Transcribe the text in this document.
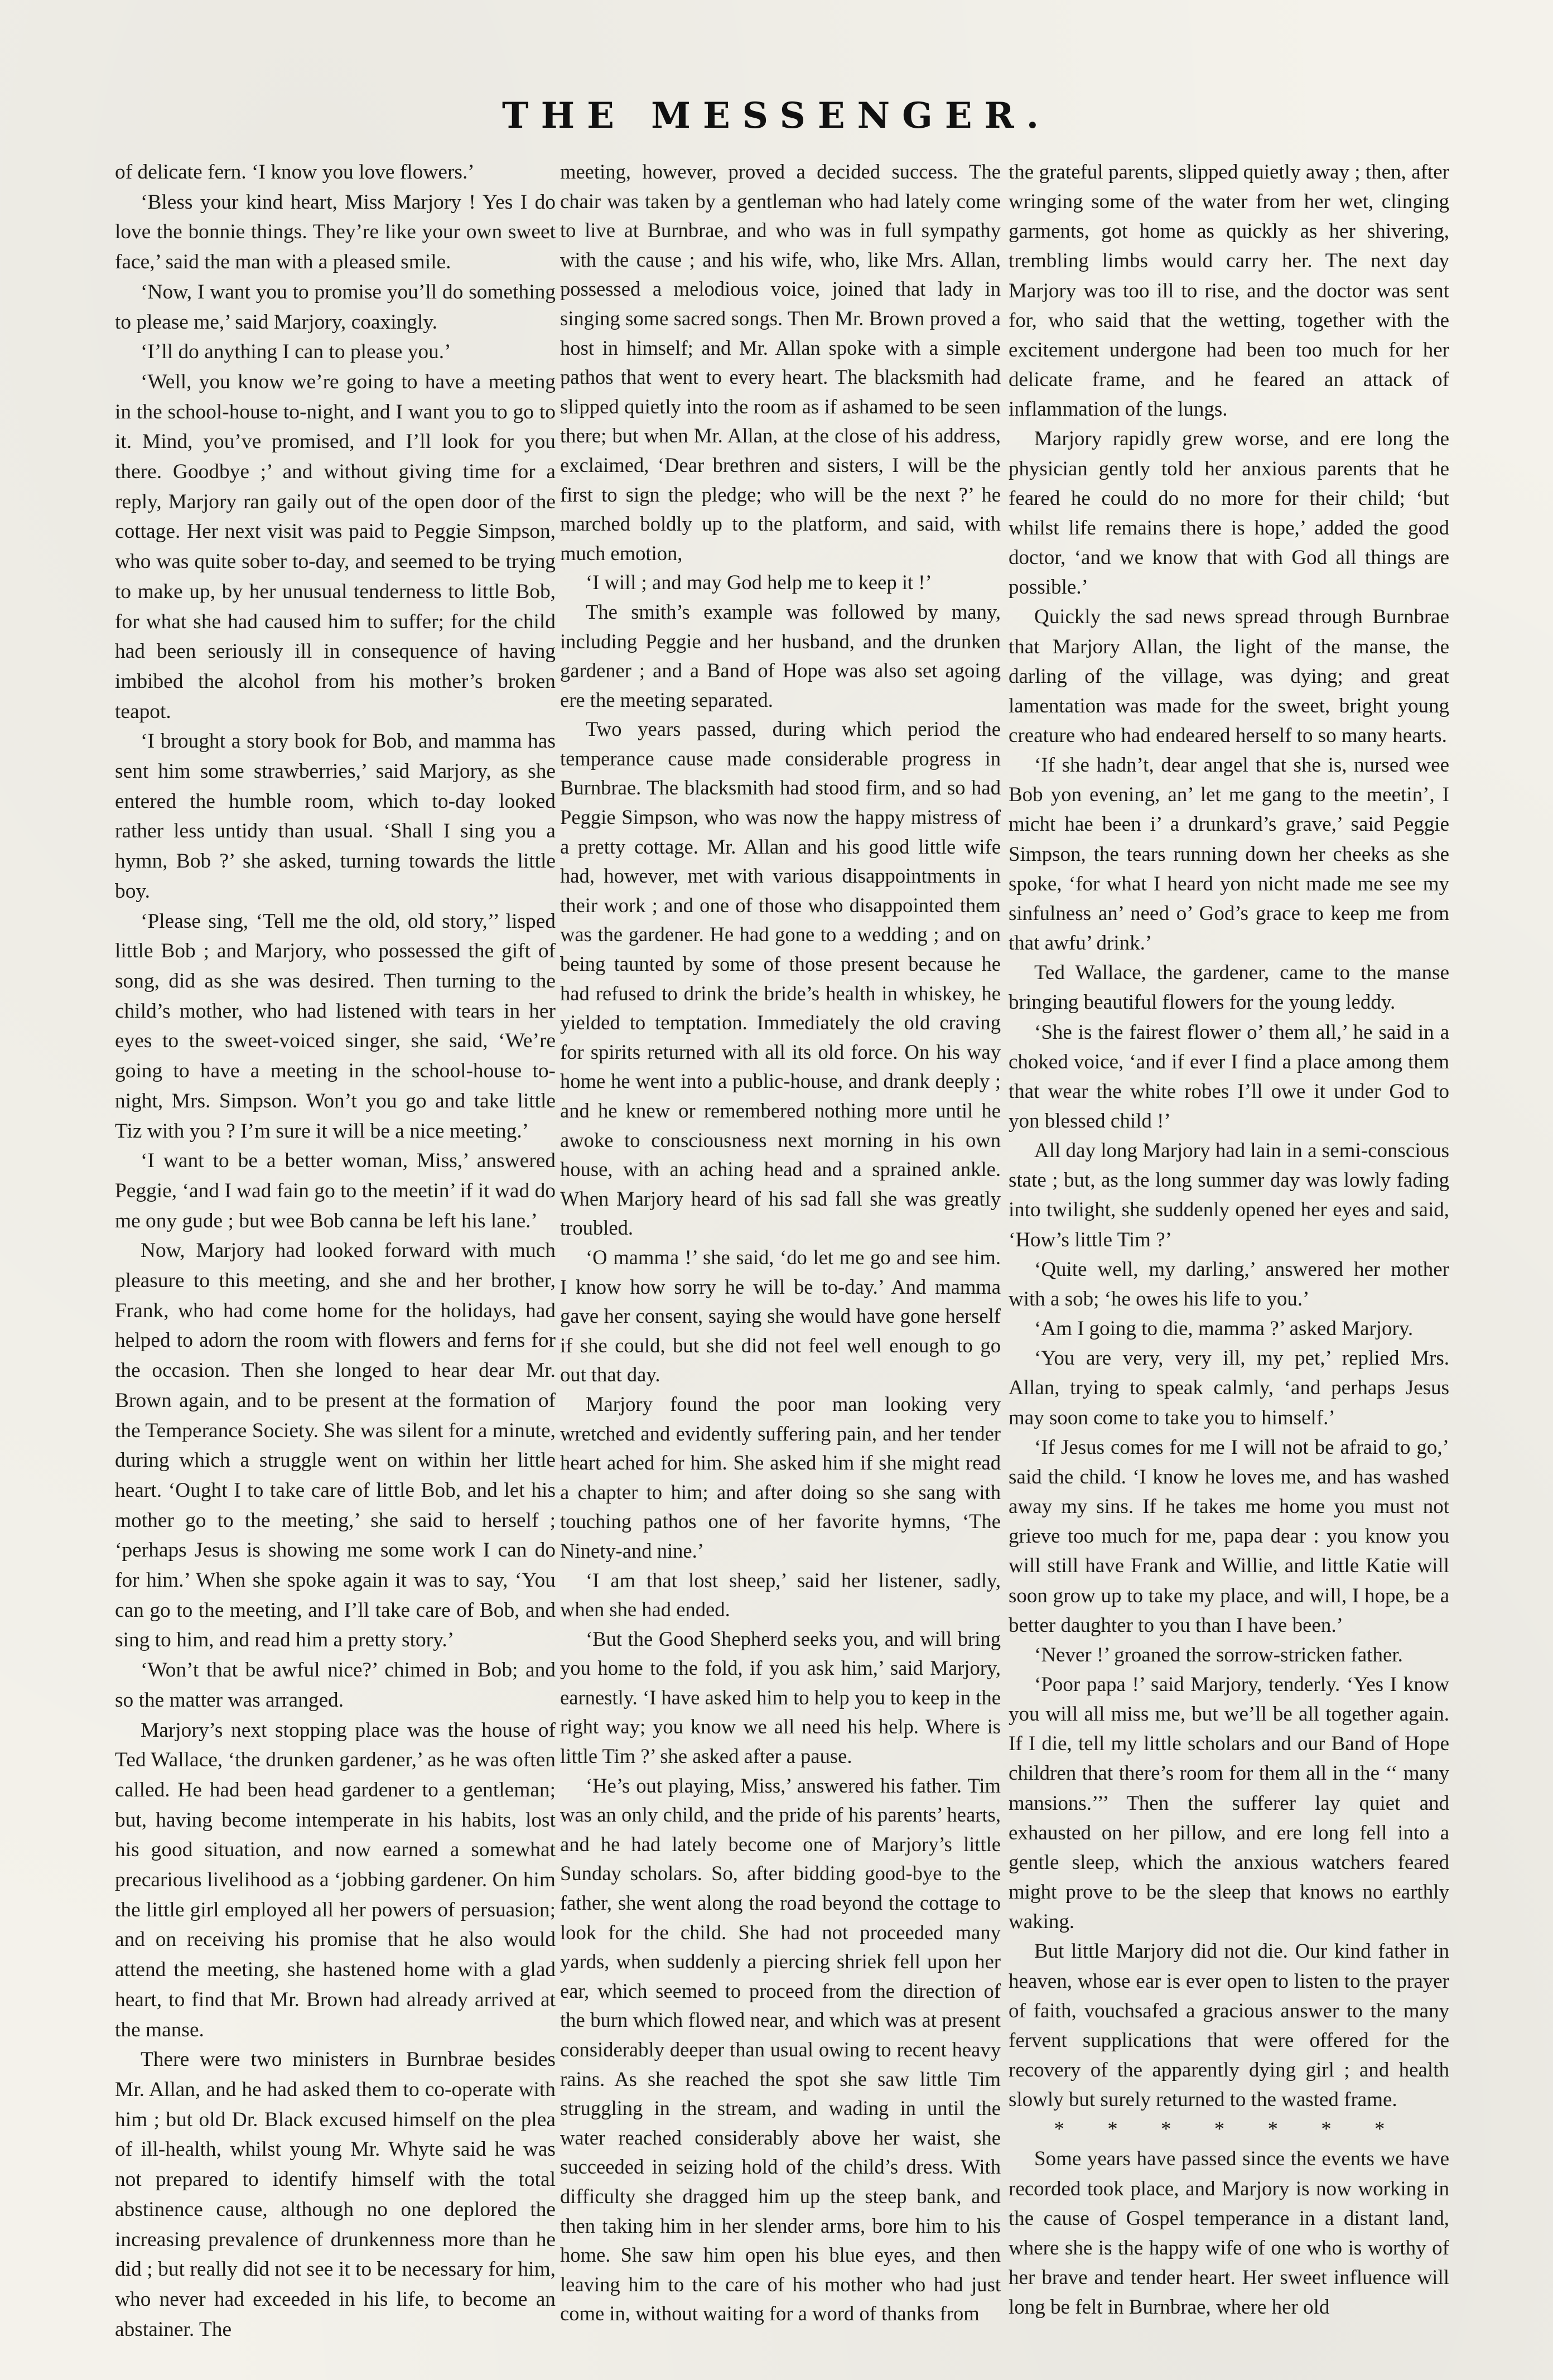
THE MESSENGER.

of delicate fern. ‘I know you love flowers.’

‘Bless your kind heart, Miss Marjory ! Yes I do love the bonnie things. They’re like your own sweet face,’ said the man with a pleased smile.

‘Now, I want you to promise you’ll do something to please me,’ said Marjory, coaxingly.

‘I’ll do anything I can to please you.’

‘Well, you know we’re going to have a meeting in the school-house to-night, and I want you to go to it. Mind, you’ve promised, and I’ll look for you there. Goodbye ;’ and without giving time for a reply, Marjory ran gaily out of the open door of the cottage. Her next visit was paid to Peggie Simpson, who was quite sober to-day, and seemed to be trying to make up, by her unusual tenderness to little Bob, for what she had caused him to suffer; for the child had been seriously ill in consequence of having imbibed the alcohol from his mother’s broken teapot.

‘I brought a story book for Bob, and mamma has sent him some strawberries,’ said Marjory, as she entered the humble room, which to-day looked rather less untidy than usual. ‘Shall I sing you a hymn, Bob ?’ she asked, turning towards the little boy.

‘Please sing, ‘Tell me the old, old story,’’ lisped little Bob ; and Marjory, who possessed the gift of song, did as she was desired. Then turning to the child’s mother, who had listened with tears in her eyes to the sweet-voiced singer, she said, ‘We’re going to have a meeting in the school-house to-night, Mrs. Simpson. Won’t you go and take little Tiz with you ? I’m sure it will be a nice meeting.’

‘I want to be a better woman, Miss,’ answered Peggie, ‘and I wad fain go to the meetin’ if it wad do me ony gude ; but wee Bob canna be left his lane.’

Now, Marjory had looked forward with much pleasure to this meeting, and she and her brother, Frank, who had come home for the holidays, had helped to adorn the room with flowers and ferns for the occasion. Then she longed to hear dear Mr. Brown again, and to be present at the formation of the Temperance Society. She was silent for a minute, during which a struggle went on within her little heart. ‘Ought I to take care of little Bob, and let his mother go to the meeting,’ she said to herself ; ‘perhaps Jesus is showing me some work I can do for him.’ When she spoke again it was to say, ‘You can go to the meeting, and I’ll take care of Bob, and sing to him, and read him a pretty story.’

‘Won’t that be awful nice?’ chimed in Bob; and so the matter was arranged.

Marjory’s next stopping place was the house of Ted Wallace, ‘the drunken gardener,’ as he was often called. He had been head gardener to a gentleman; but, having become intemperate in his habits, lost his good situation, and now earned a somewhat precarious livelihood as a ‘jobbing gardener. On him the little girl employed all her powers of persuasion; and on receiving his promise that he also would attend the meeting, she hastened home with a glad heart, to find that Mr. Brown had already arrived at the manse.

There were two ministers in Burnbrae besides Mr. Allan, and he had asked them to co-operate with him ; but old Dr. Black excused himself on the plea of ill-health, whilst young Mr. Whyte said he was not prepared to identify himself with the total abstinence cause, although no one deplored the increasing prevalence of drunkenness more than he did ; but really did not see it to be necessary for him, who never had exceeded in his life, to become an abstainer. The

meeting, however, proved a decided success. The chair was taken by a gentleman who had lately come to live at Burnbrae, and who was in full sympathy with the cause ; and his wife, who, like Mrs. Allan, possessed a melodious voice, joined that lady in singing some sacred songs. Then Mr. Brown proved a host in himself; and Mr. Allan spoke with a simple pathos that went to every heart. The blacksmith had slipped quietly into the room as if ashamed to be seen there; but when Mr. Allan, at the close of his address, exclaimed, ‘Dear brethren and sisters, I will be the first to sign the pledge; who will be the next ?’ he marched boldly up to the platform, and said, with much emotion,

‘I will ; and may God help me to keep it !’

The smith’s example was followed by many, including Peggie and her husband, and the drunken gardener ; and a Band of Hope was also set agoing ere the meeting separated.

Two years passed, during which period the temperance cause made considerable progress in Burnbrae. The blacksmith had stood firm, and so had Peggie Simpson, who was now the happy mistress of a pretty cottage. Mr. Allan and his good little wife had, however, met with various disappointments in their work ; and one of those who disappointed them was the gardener. He had gone to a wedding ; and on being taunted by some of those present because he had refused to drink the bride’s health in whiskey, he yielded to temptation. Immediately the old craving for spirits returned with all its old force. On his way home he went into a public-house, and drank deeply ; and he knew or remembered nothing more until he awoke to consciousness next morning in his own house, with an aching head and a sprained ankle. When Marjory heard of his sad fall she was greatly troubled.

‘O mamma !’ she said, ‘do let me go and see him. I know how sorry he will be to-day.’ And mamma gave her consent, saying she would have gone herself if she could, but she did not feel well enough to go out that day.

Marjory found the poor man looking very wretched and evidently suffering pain, and her tender heart ached for him. She asked him if she might read a chapter to him; and after doing so she sang with touching pathos one of her favorite hymns, ‘The Ninety-and nine.’

‘I am that lost sheep,’ said her listener, sadly, when she had ended.

‘But the Good Shepherd seeks you, and will bring you home to the fold, if you ask him,’ said Marjory, earnestly. ‘I have asked him to help you to keep in the right way; you know we all need his help. Where is little Tim ?’ she asked after a pause.

‘He’s out playing, Miss,’ answered his father. Tim was an only child, and the pride of his parents’ hearts, and he had lately become one of Marjory’s little Sunday scholars. So, after bidding good-bye to the father, she went along the road beyond the cottage to look for the child. She had not proceeded many yards, when suddenly a piercing shriek fell upon her ear, which seemed to proceed from the direction of the burn which flowed near, and which was at present considerably deeper than usual owing to recent heavy rains. As she reached the spot she saw little Tim struggling in the stream, and wading in until the water reached considerably above her waist, she succeeded in seizing hold of the child’s dress. With difficulty she dragged him up the steep bank, and then taking him in her slender arms, bore him to his home. She saw him open his blue eyes, and then leaving him to the care of his mother who had just come in, without waiting for a word of thanks from

the grateful parents, slipped quietly away ; then, after wringing some of the water from her wet, clinging garments, got home as quickly as her shivering, trembling limbs would carry her. The next day Marjory was too ill to rise, and the doctor was sent for, who said that the wetting, together with the excitement undergone had been too much for her delicate frame, and he feared an attack of inflammation of the lungs.

Marjory rapidly grew worse, and ere long the physician gently told her anxious parents that he feared he could do no more for their child; ‘but whilst life remains there is hope,’ added the good doctor, ‘and we know that with God all things are possible.’

Quickly the sad news spread through Burnbrae that Marjory Allan, the light of the manse, the darling of the village, was dying; and great lamentation was made for the sweet, bright young creature who had endeared herself to so many hearts.

‘If she hadn’t, dear angel that she is, nursed wee Bob yon evening, an’ let me gang to the meetin’, I micht hae been i’ a drunkard’s grave,’ said Peggie Simpson, the tears running down her cheeks as she spoke, ‘for what I heard yon nicht made me see my sinfulness an’ need o’ God’s grace to keep me from that awfu’ drink.’

Ted Wallace, the gardener, came to the manse bringing beautiful flowers for the young leddy.

‘She is the fairest flower o’ them all,’ he said in a choked voice, ‘and if ever I find a place among them that wear the white robes I’ll owe it under God to yon blessed child !’

All day long Marjory had lain in a semi-conscious state ; but, as the long summer day was lowly fading into twilight, she suddenly opened her eyes and said, ‘How’s little Tim ?’

‘Quite well, my darling,’ answered her mother with a sob; ‘he owes his life to you.’

‘Am I going to die, mamma ?’ asked Marjory.

‘You are very, very ill, my pet,’ replied Mrs. Allan, trying to speak calmly, ‘and perhaps Jesus may soon come to take you to himself.’

‘If Jesus comes for me I will not be afraid to go,’ said the child. ‘I know he loves me, and has washed away my sins. If he takes me home you must not grieve too much for me, papa dear : you know you will still have Frank and Willie, and little Katie will soon grow up to take my place, and will, I hope, be a better daughter to you than I have been.’

‘Never !’ groaned the sorrow-stricken father.

‘Poor papa !’ said Marjory, tenderly. ‘Yes I know you will all miss me, but we’ll be all together again. If I die, tell my little scholars and our Band of Hope children that there’s room for them all in the ‘‘ many mansions.’’’ Then the sufferer lay quiet and exhausted on her pillow, and ere long fell into a gentle sleep, which the anxious watchers feared might prove to be the sleep that knows no earthly waking.

But little Marjory did not die. Our kind father in heaven, whose ear is ever open to listen to the prayer of faith, vouchsafed a gracious answer to the many fervent supplications that were offered for the recovery of the apparently dying girl ; and health slowly but surely returned to the wasted frame.

* * * * * * *

Some years have passed since the events we have recorded took place, and Marjory is now working in the cause of Gospel temperance in a distant land, where she is the happy wife of one who is worthy of her brave and tender heart. Her sweet influence will long be felt in Burnbrae, where her old
